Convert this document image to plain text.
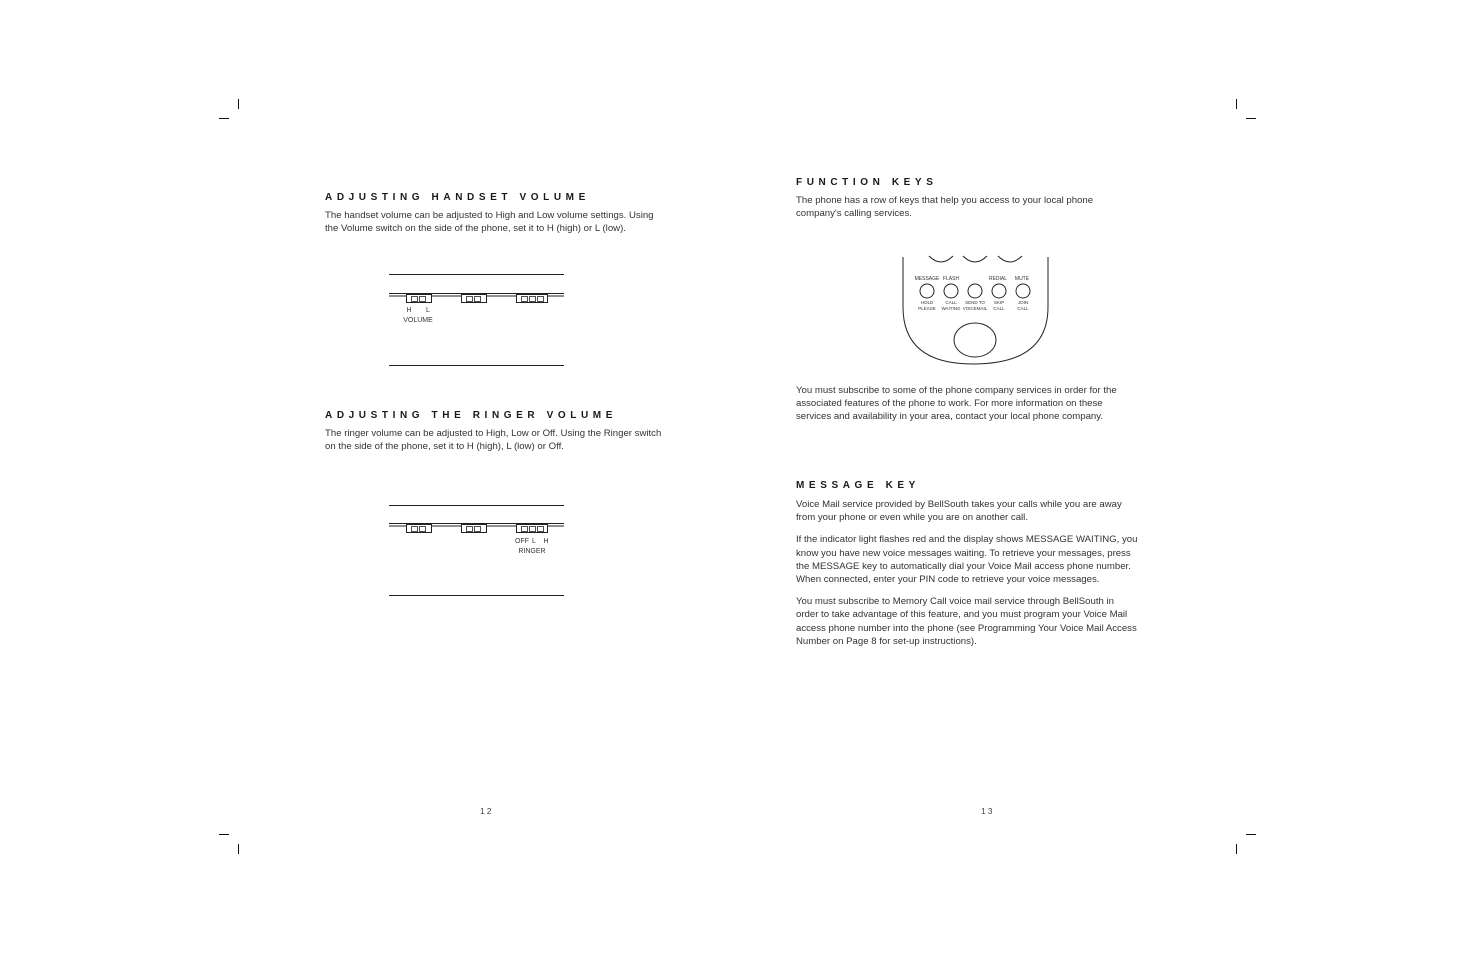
ADJUSTING HANDSET VOLUME
The handset volume can be adjusted to High and Low volume settings. Using the Volume switch on the side of the phone, set it to H (high) or L (low).
H L
VOLUME
ADJUSTING THE RINGER VOLUME
The ringer volume can be adjusted to High, Low or Off. Using the Ringer switch on the side of the phone, set it to H (high), L (low) or Off.
OFF L H
RINGER
12
FUNCTION KEYS
The phone has a row of keys that help you access to your local phone company's calling services.
MESSAGE FLASH	REDIAL MUTE
HOLD
PLEASE
CALL
WAITING
SEND TO
VOICEMAIL
SKIP
CALL
JOIN
CALL
You must subscribe to some of the phone company services in order for the associated features of the phone to work. For more information on these services and availability in your area, contact your local phone company.
MESSAGE KEY

Voice Mail service provided by BellSouth takes your calls while you are away from your phone or even while you are on another call.

If the indicator light flashes red and the display shows MESSAGE WAITING, you know you have new voice messages waiting. To retrieve your messages, press the MESSAGE key to automatically dial your Voice Mail access phone number. When connected, enter your PIN code to retrieve your voice messages.

You must subscribe to Memory Call voice mail service through BellSouth in order to take advantage of this feature, and you must program your Voice Mail access phone number into the phone (see Programming Your Voice Mail Access Number on Page 8 for set-up instructions).

13
